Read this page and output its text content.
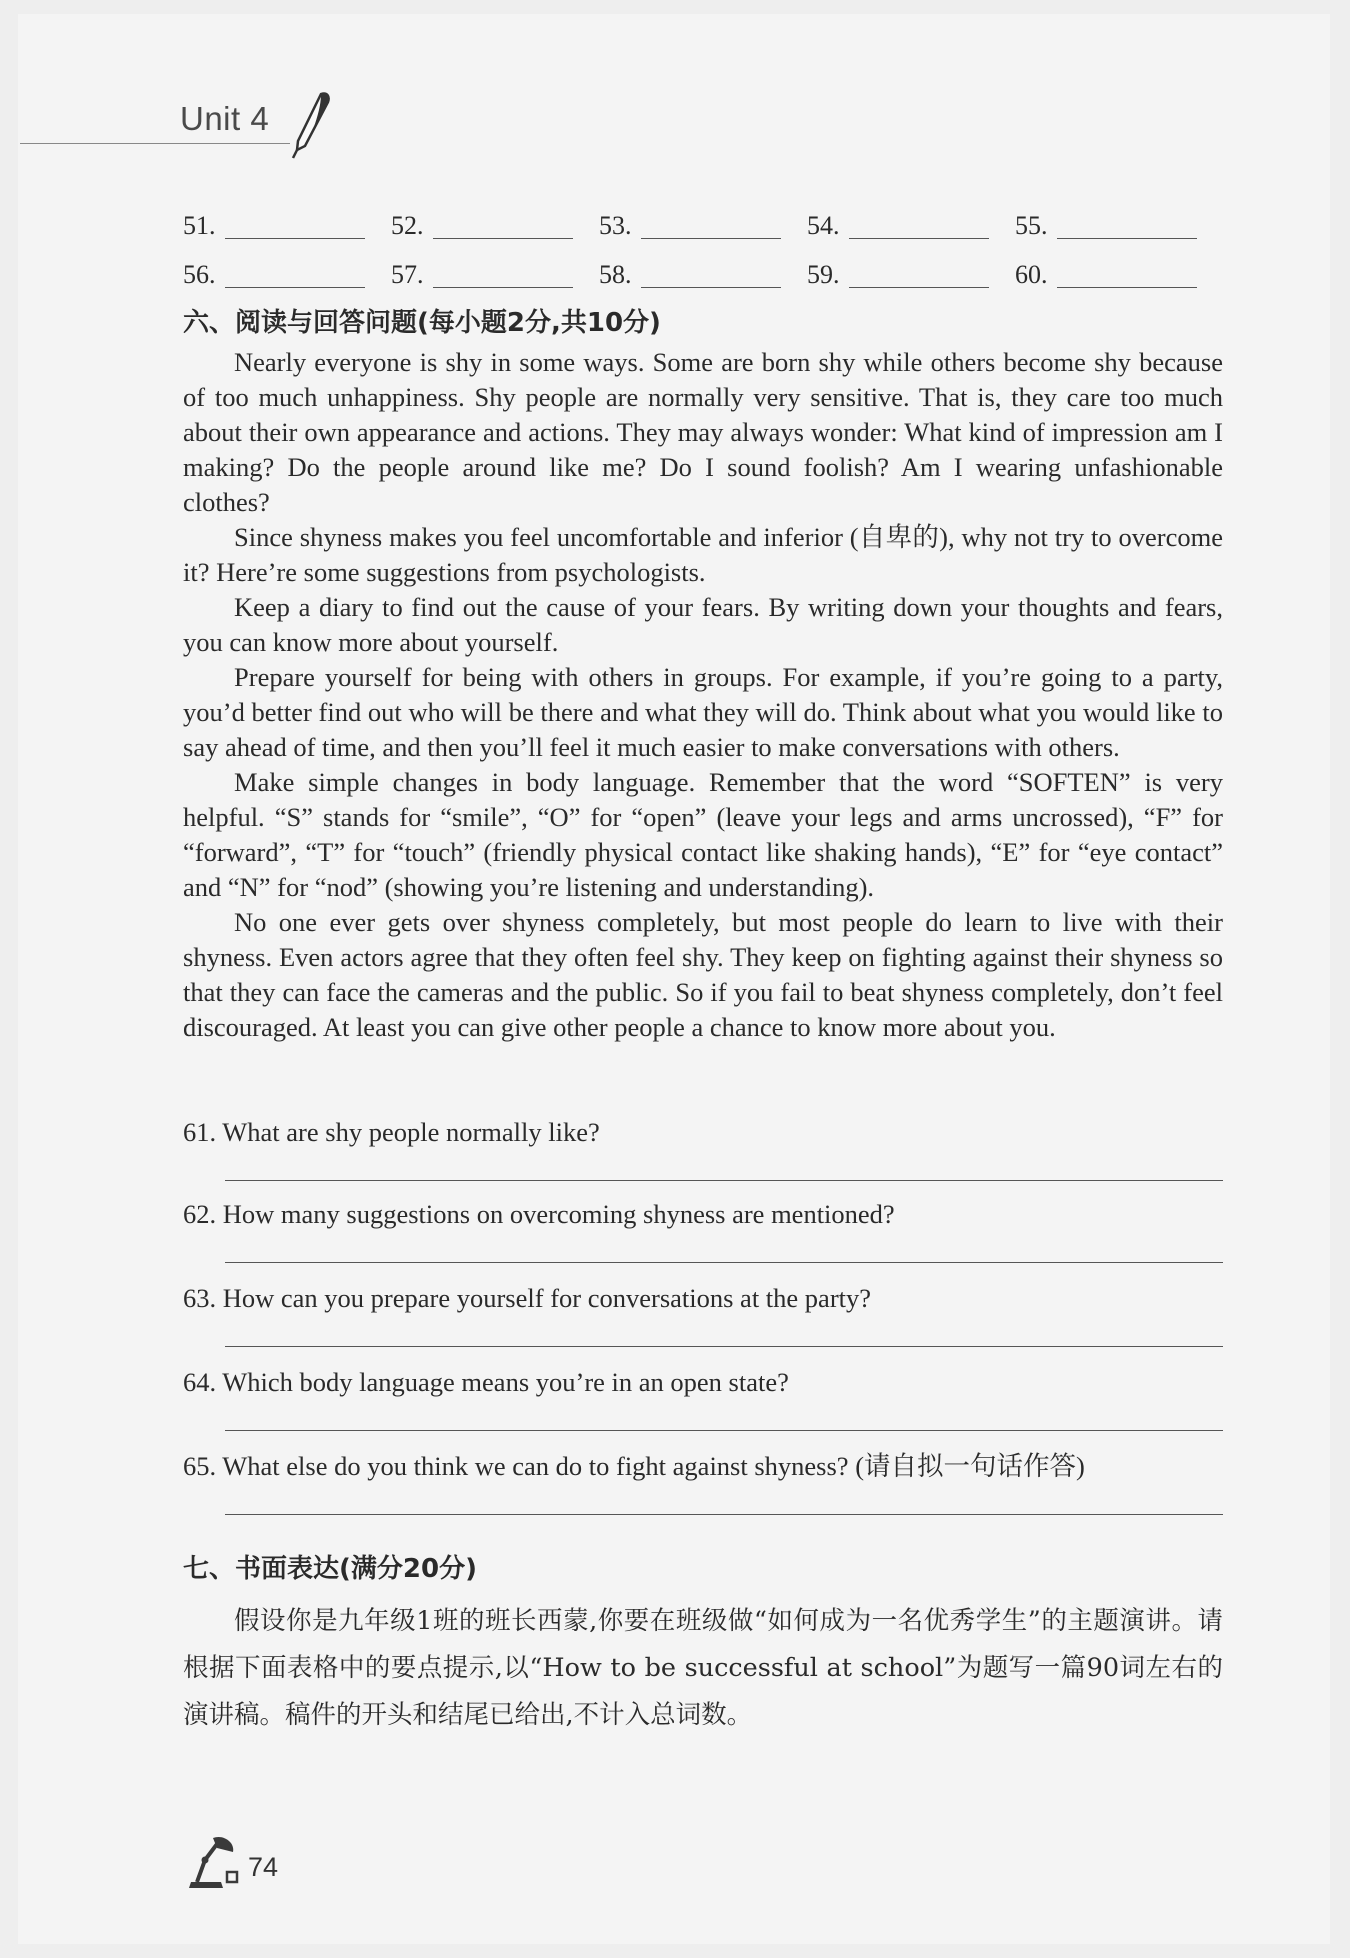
Unit 4
51.	52.	53.	54.	55.
56.	57.	58.	59.	60.
六、阅读与回答问题(每小题2分,共10分)

Nearly everyone is shy in some ways. Some are born shy while others become shy because of too much unhappiness. Shy people are normally very sensitive. That is, they care too much about their own appearance and actions. They may always wonder: What kind of impression am I making? Do the people around like me? Do I sound foolish? Am I wearing unfashionable clothes?

Since shyness makes you feel uncomfortable and inferior (自卑的), why not try to overcome it? Here’re some suggestions from psychologists.

Keep a diary to find out the cause of your fears. By writing down your thoughts and fears, you can know more about yourself.

Prepare yourself for being with others in groups. For example, if you’re going to a party, you’d better find out who will be there and what they will do. Think about what you would like to say ahead of time, and then you’ll feel it much easier to make conversations with others.

Make simple changes in body language. Remember that the word “SOFTEN” is very helpful. “S” stands for “smile”, “O” for “open” (leave your legs and arms uncrossed), “F” for “forward”, “T” for “touch” (friendly physical contact like shaking hands), “E” for “eye contact” and “N” for “nod” (showing you’re listening and understanding).

No one ever gets over shyness completely, but most people do learn to live with their shyness. Even actors agree that they often feel shy. They keep on fighting against their shyness so that they can face the cameras and the public. So if you fail to beat shyness completely, don’t feel discouraged. At least you can give other people a chance to know more about you.

61. What are shy people normally like?
62. How many suggestions on overcoming shyness are mentioned?
63. How can you prepare yourself for conversations at the party?
64. Which body language means you’re in an open state?
65. What else do you think we can do to fight against shyness? (请自拟一句话作答)
七、书面表达(满分20分)

假设你是九年级1班的班长西蒙,你要在班级做“如何成为一名优秀学生”的主题演讲。请根据下面表格中的要点提示,以“How to be successful at school”为题写一篇90词左右的演讲稿。稿件的开头和结尾已给出,不计入总词数。

74
